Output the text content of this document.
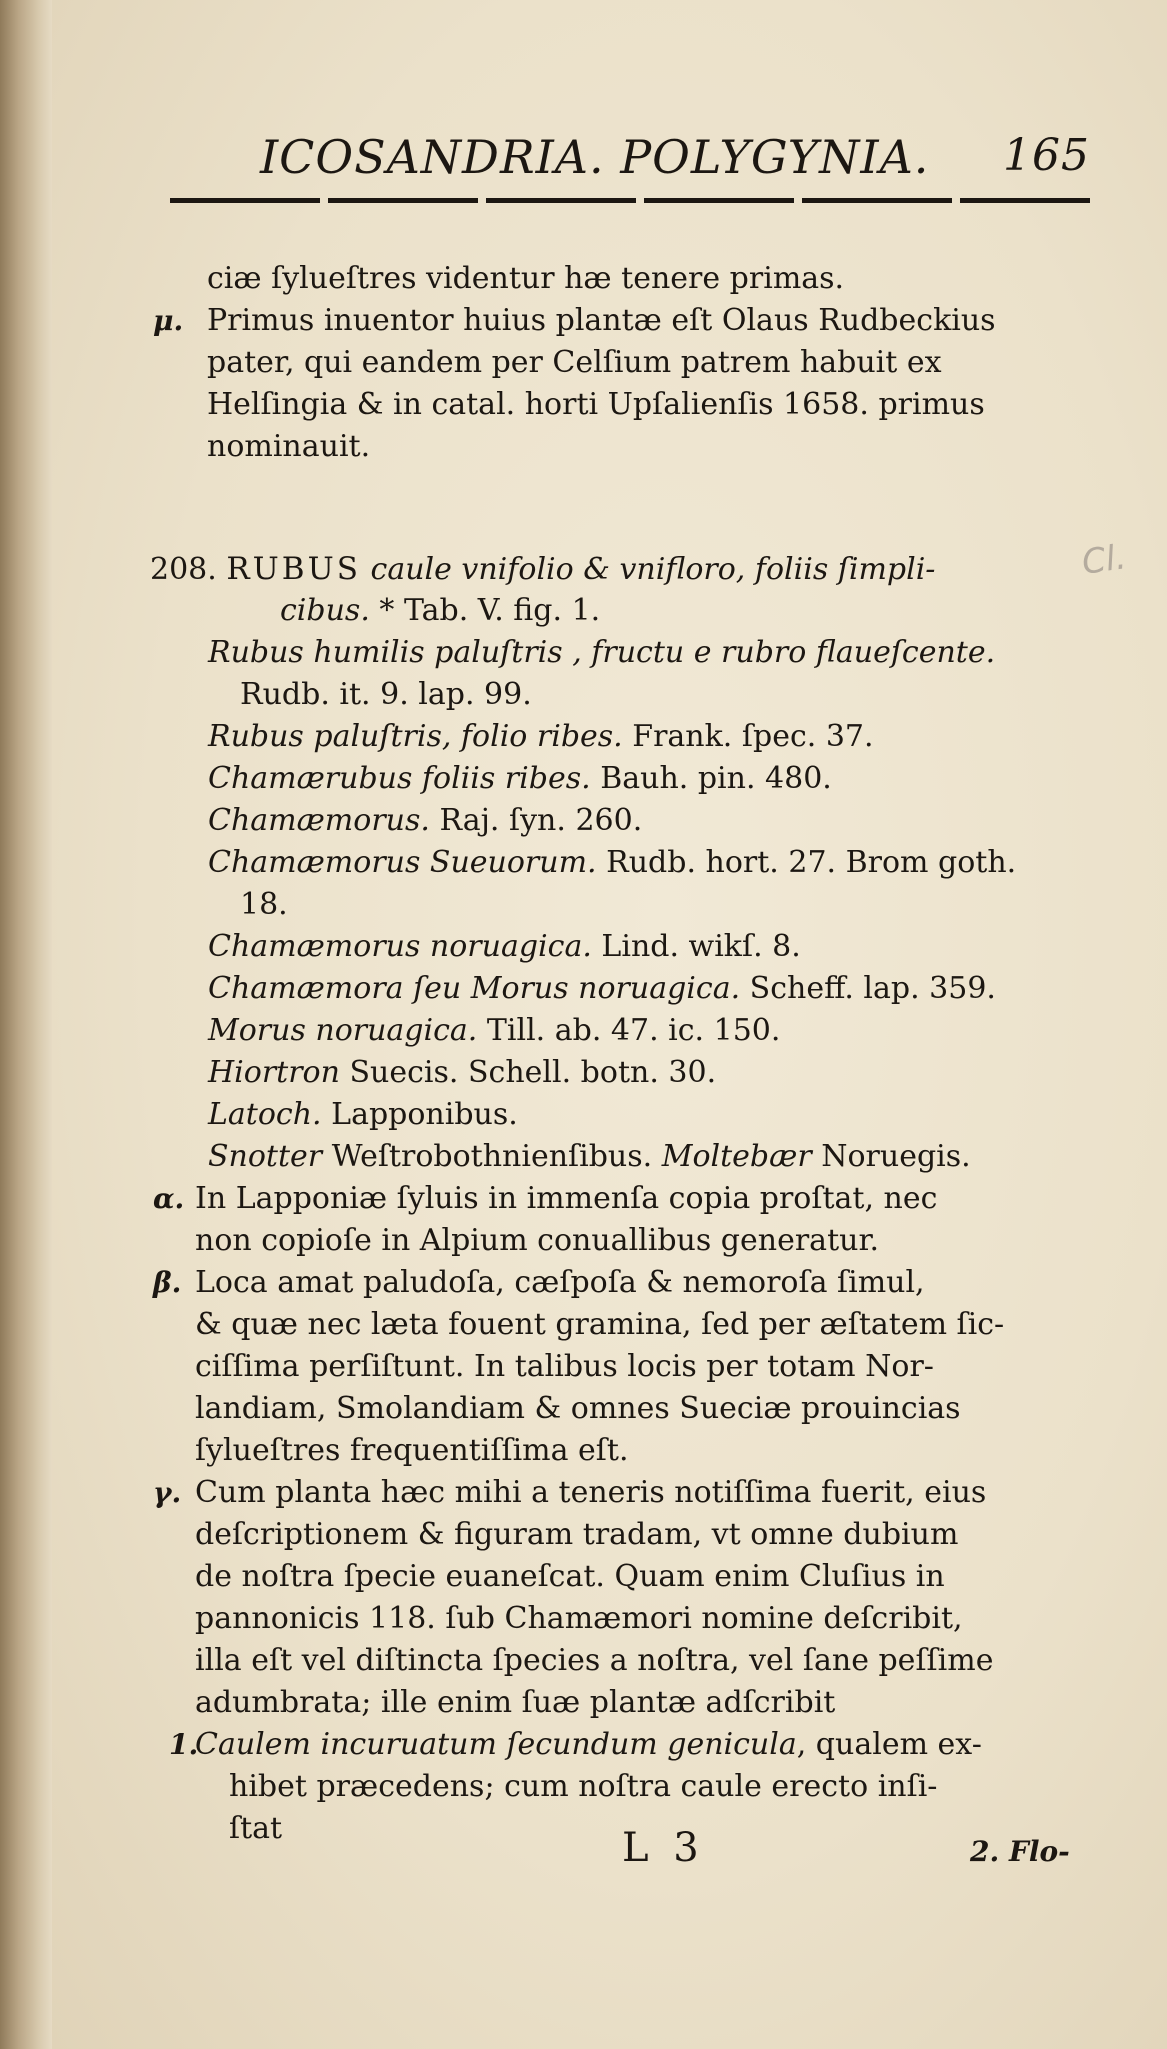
ICOSANDRIA. POLYGYNIA. 165
ciæ ſylueſtres videntur hæ tenere primas.
μ. Primus inuentor huius plantæ eſt Olaus Rudbeckius
pater, qui eandem per Celſium patrem habuit ex
Helſingia & in catal. horti Upſalienſis 1658. primus
nominauit.
208. RUBUS caule vnifolio & vnifloro, foliis ſimpli-
cibus. * Tab. V. fig. 1.
Rubus humilis paluſtris , fructu e rubro flaueſcente.
Rudb. it. 9. lap. 99.
Rubus paluſtris, folio ribes. Frank. ſpec. 37.
Chamærubus foliis ribes. Bauh. pin. 480.
Chamæmorus. Raj. ſyn. 260.
Chamæmorus Sueuorum. Rudb. hort. 27. Brom goth.
18.
Chamæmorus noruagica. Lind. wikſ. 8.
Chamæmora ſeu Morus noruagica. Scheff. lap. 359.
Morus noruagica. Till. ab. 47. ic. 150.
Hiortron Suecis. Schell. botn. 30.
Latoch. Lapponibus.
Snotter Weſtrobothnienſibus. Moltebær Noruegis.
α. In Lapponiæ ſyluis in immenſa copia proſtat, nec
non copioſe in Alpium conuallibus generatur.
β. Loca amat paludoſa, cæſpoſa & nemoroſa ſimul,
& quæ nec læta fouent gramina, ſed per æſtatem ſic-
ciſſima perſiſtunt. In talibus locis per totam Nor-
landiam, Smolandiam & omnes Sueciæ prouincias
ſylueſtres frequentiſſima eſt.
γ. Cum planta hæc mihi a teneris notiſſima fuerit, eius
deſcriptionem & figuram tradam, vt omne dubium
de noſtra ſpecie euaneſcat. Quam enim Cluſius in
pannonicis 118. ſub Chamæmori nomine deſcribit,
illa eſt vel diſtincta ſpecies a noſtra, vel ſane peſſime
adumbrata; ille enim ſuæ plantæ adſcribit
1.
Caulem incuruatum ſecundum genicula, qualem ex-
hibet præcedens; cum noſtra caule erecto inſi-
ſtat	L 3	2. Flo-
Cl.
